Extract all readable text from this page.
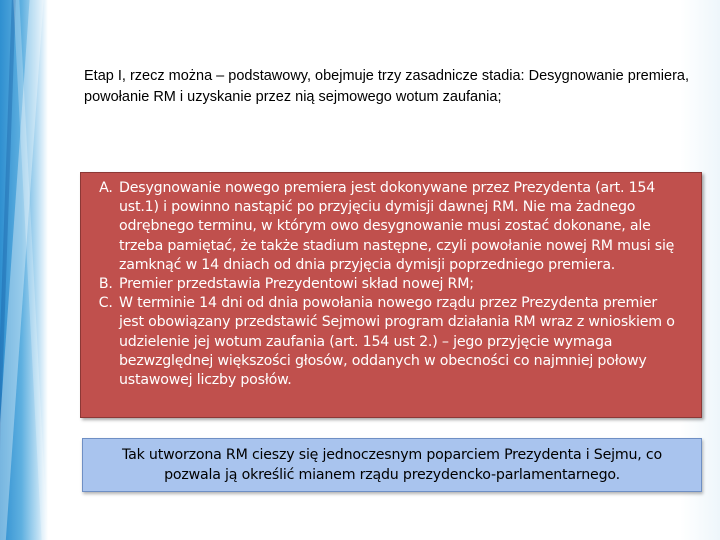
Etap I, rzecz można – podstawowy, obejmuje trzy zasadnicze stadia: Desygnowanie premiera, powołanie RM i uzyskanie przez nią sejmowego wotum zaufania;
A. Desygnowanie nowego premiera jest dokonywane przez Prezydenta (art. 154 ust.1) i powinno nastąpić po przyjęciu dymisji dawnej RM. Nie ma żadnego odrębnego terminu, w którym owo desygnowanie musi zostać dokonane, ale trzeba pamiętać, że także stadium następne, czyli powołanie nowej RM musi się zamknąć w 14 dniach od dnia przyjęcia dymisji poprzedniego premiera.
B. Premier przedstawia Prezydentowi skład nowej RM;
C. W terminie 14 dni od dnia powołania nowego rządu przez Prezydenta premier jest obowiązany przedstawić Sejmowi program działania RM wraz z wnioskiem o udzielenie jej wotum zaufania (art. 154 ust 2.) – jego przyjęcie wymaga bezwzględnej większości głosów, oddanych w obecności co najmniej połowy ustawowej liczby posłów.
Tak utworzona RM cieszy się jednoczesnym poparciem Prezydenta i Sejmu, co pozwala ją określić mianem rządu prezydencko-parlamentarnego.
